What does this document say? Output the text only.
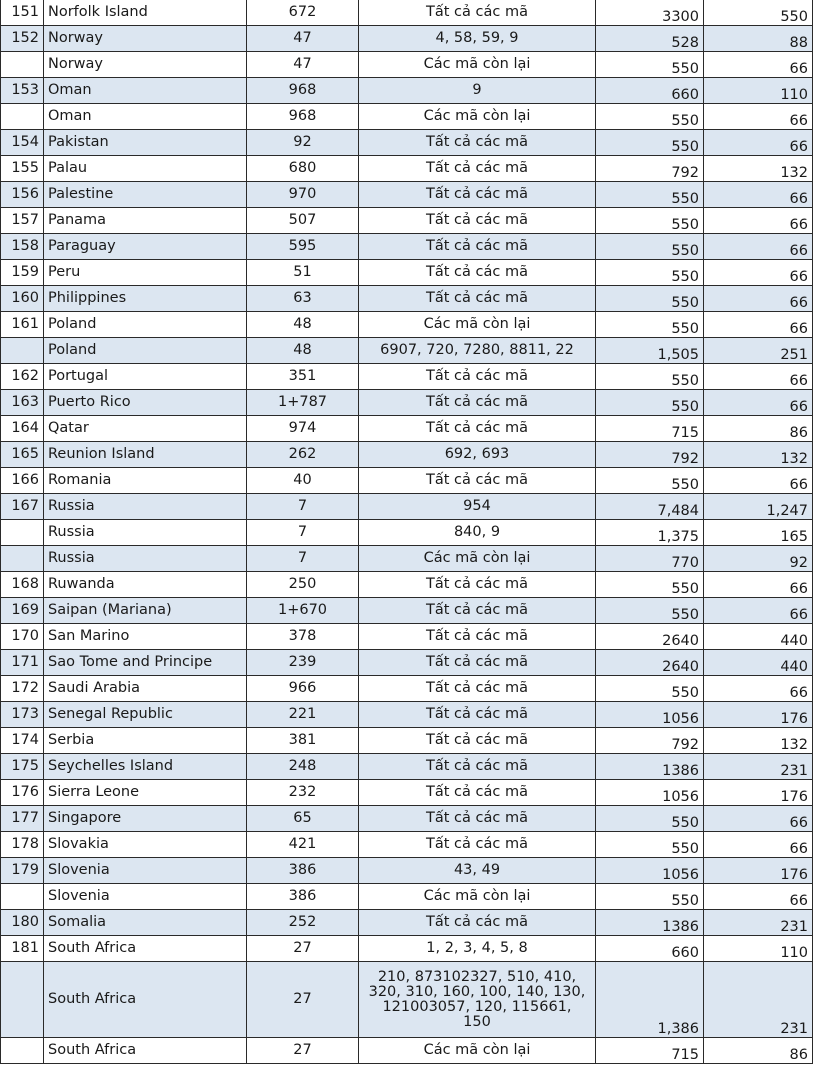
151	Norfolk Island	672	Tất cả các mã	3300	550
152	Norway	47	4, 58, 59, 9	528	88
	Norway	47	Các mã còn lại	550	66
153	Oman	968	9	660	110
	Oman	968	Các mã còn lại	550	66
154	Pakistan	92	Tất cả các mã	550	66
155	Palau	680	Tất cả các mã	792	132
156	Palestine	970	Tất cả các mã	550	66
157	Panama	507	Tất cả các mã	550	66
158	Paraguay	595	Tất cả các mã	550	66
159	Peru	51	Tất cả các mã	550	66
160	Philippines	63	Tất cả các mã	550	66
161	Poland	48	Các mã còn lại	550	66
	Poland	48	6907, 720, 7280, 8811, 22	1,505	251
162	Portugal	351	Tất cả các mã	550	66
163	Puerto Rico	1+787	Tất cả các mã	550	66
164	Qatar	974	Tất cả các mã	715	86
165	Reunion Island	262	692, 693	792	132
166	Romania	40	Tất cả các mã	550	66
167	Russia	7	954	7,484	1,247
	Russia	7	840, 9	1,375	165
	Russia	7	Các mã còn lại	770	92
168	Ruwanda	250	Tất cả các mã	550	66
169	Saipan (Mariana)	1+670	Tất cả các mã	550	66
170	San Marino	378	Tất cả các mã	2640	440
171	Sao Tome and Principe	239	Tất cả các mã	2640	440
172	Saudi Arabia	966	Tất cả các mã	550	66
173	Senegal Republic	221	Tất cả các mã	1056	176
174	Serbia	381	Tất cả các mã	792	132
175	Seychelles Island	248	Tất cả các mã	1386	231
176	Sierra Leone	232	Tất cả các mã	1056	176
177	Singapore	65	Tất cả các mã	550	66
178	Slovakia	421	Tất cả các mã	550	66
179	Slovenia	386	43, 49	1056	176
	Slovenia	386	Các mã còn lại	550	66
180	Somalia	252	Tất cả các mã	1386	231
181	South Africa	27	1, 2, 3, 4, 5, 8	660	110
	South Africa	27	210, 873102327, 510, 410, 320, 310, 160, 100, 140, 130, 121003057, 120, 115661, 150	1,386	231
	South Africa	27	Các mã còn lại	715	86
